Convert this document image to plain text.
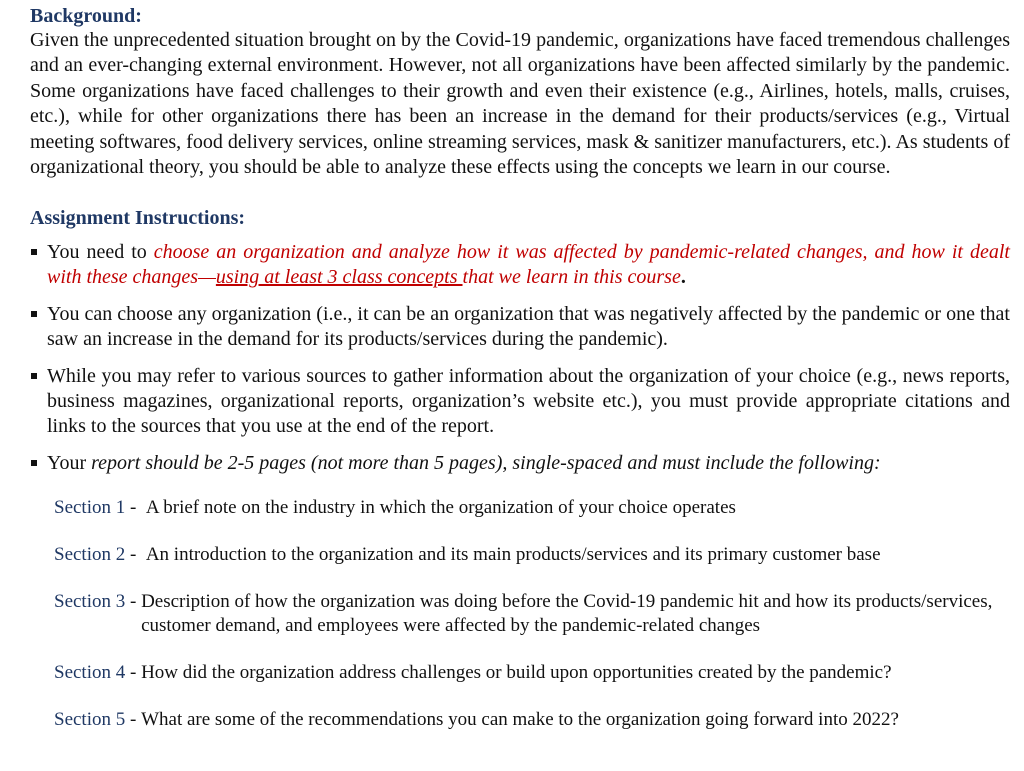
Background:

Given the unprecedented situation brought on by the Covid-19 pandemic, organizations have faced tremendous challenges and an ever-changing external environment. However, not all organizations have been affected similarly by the pandemic. Some organizations have faced challenges to their growth and even their existence (e.g., Airlines, hotels, malls, cruises, etc.), while for other organizations there has been an increase in the demand for their products/services (e.g., Virtual meeting softwares, food delivery services, online streaming services, mask & sanitizer manufacturers, etc.). As students of organizational theory, you should be able to analyze these effects using the concepts we learn in our course.

Assignment Instructions:
You need to choose an organization and analyze how it was affected by pandemic-related changes, and how it dealt with these changes—using at least 3 class concepts that we learn in this course.
You can choose any organization (i.e., it can be an organization that was negatively affected by the pandemic or one that saw an increase in the demand for its products/services during the pandemic).
While you may refer to various sources to gather information about the organization of your choice (e.g., news reports, business magazines, organizational reports, organization’s website etc.), you must provide appropriate citations and links to the sources that you use at the end of the report.
Your report should be 2-5 pages (not more than 5 pages), single-spaced and must include the following:
Section 1 - A brief note on the industry in which the organization of your choice operates
Section 2 - An introduction to the organization and its main products/services and its primary customer base
Section 3 - Description of how the organization was doing before the Covid-19 pandemic hit and how its products/services, customer demand, and employees were affected by the pandemic-related changes
Section 4 - How did the organization address challenges or build upon opportunities created by the pandemic?
Section 5 - What are some of the recommendations you can make to the organization going forward into 2022?
